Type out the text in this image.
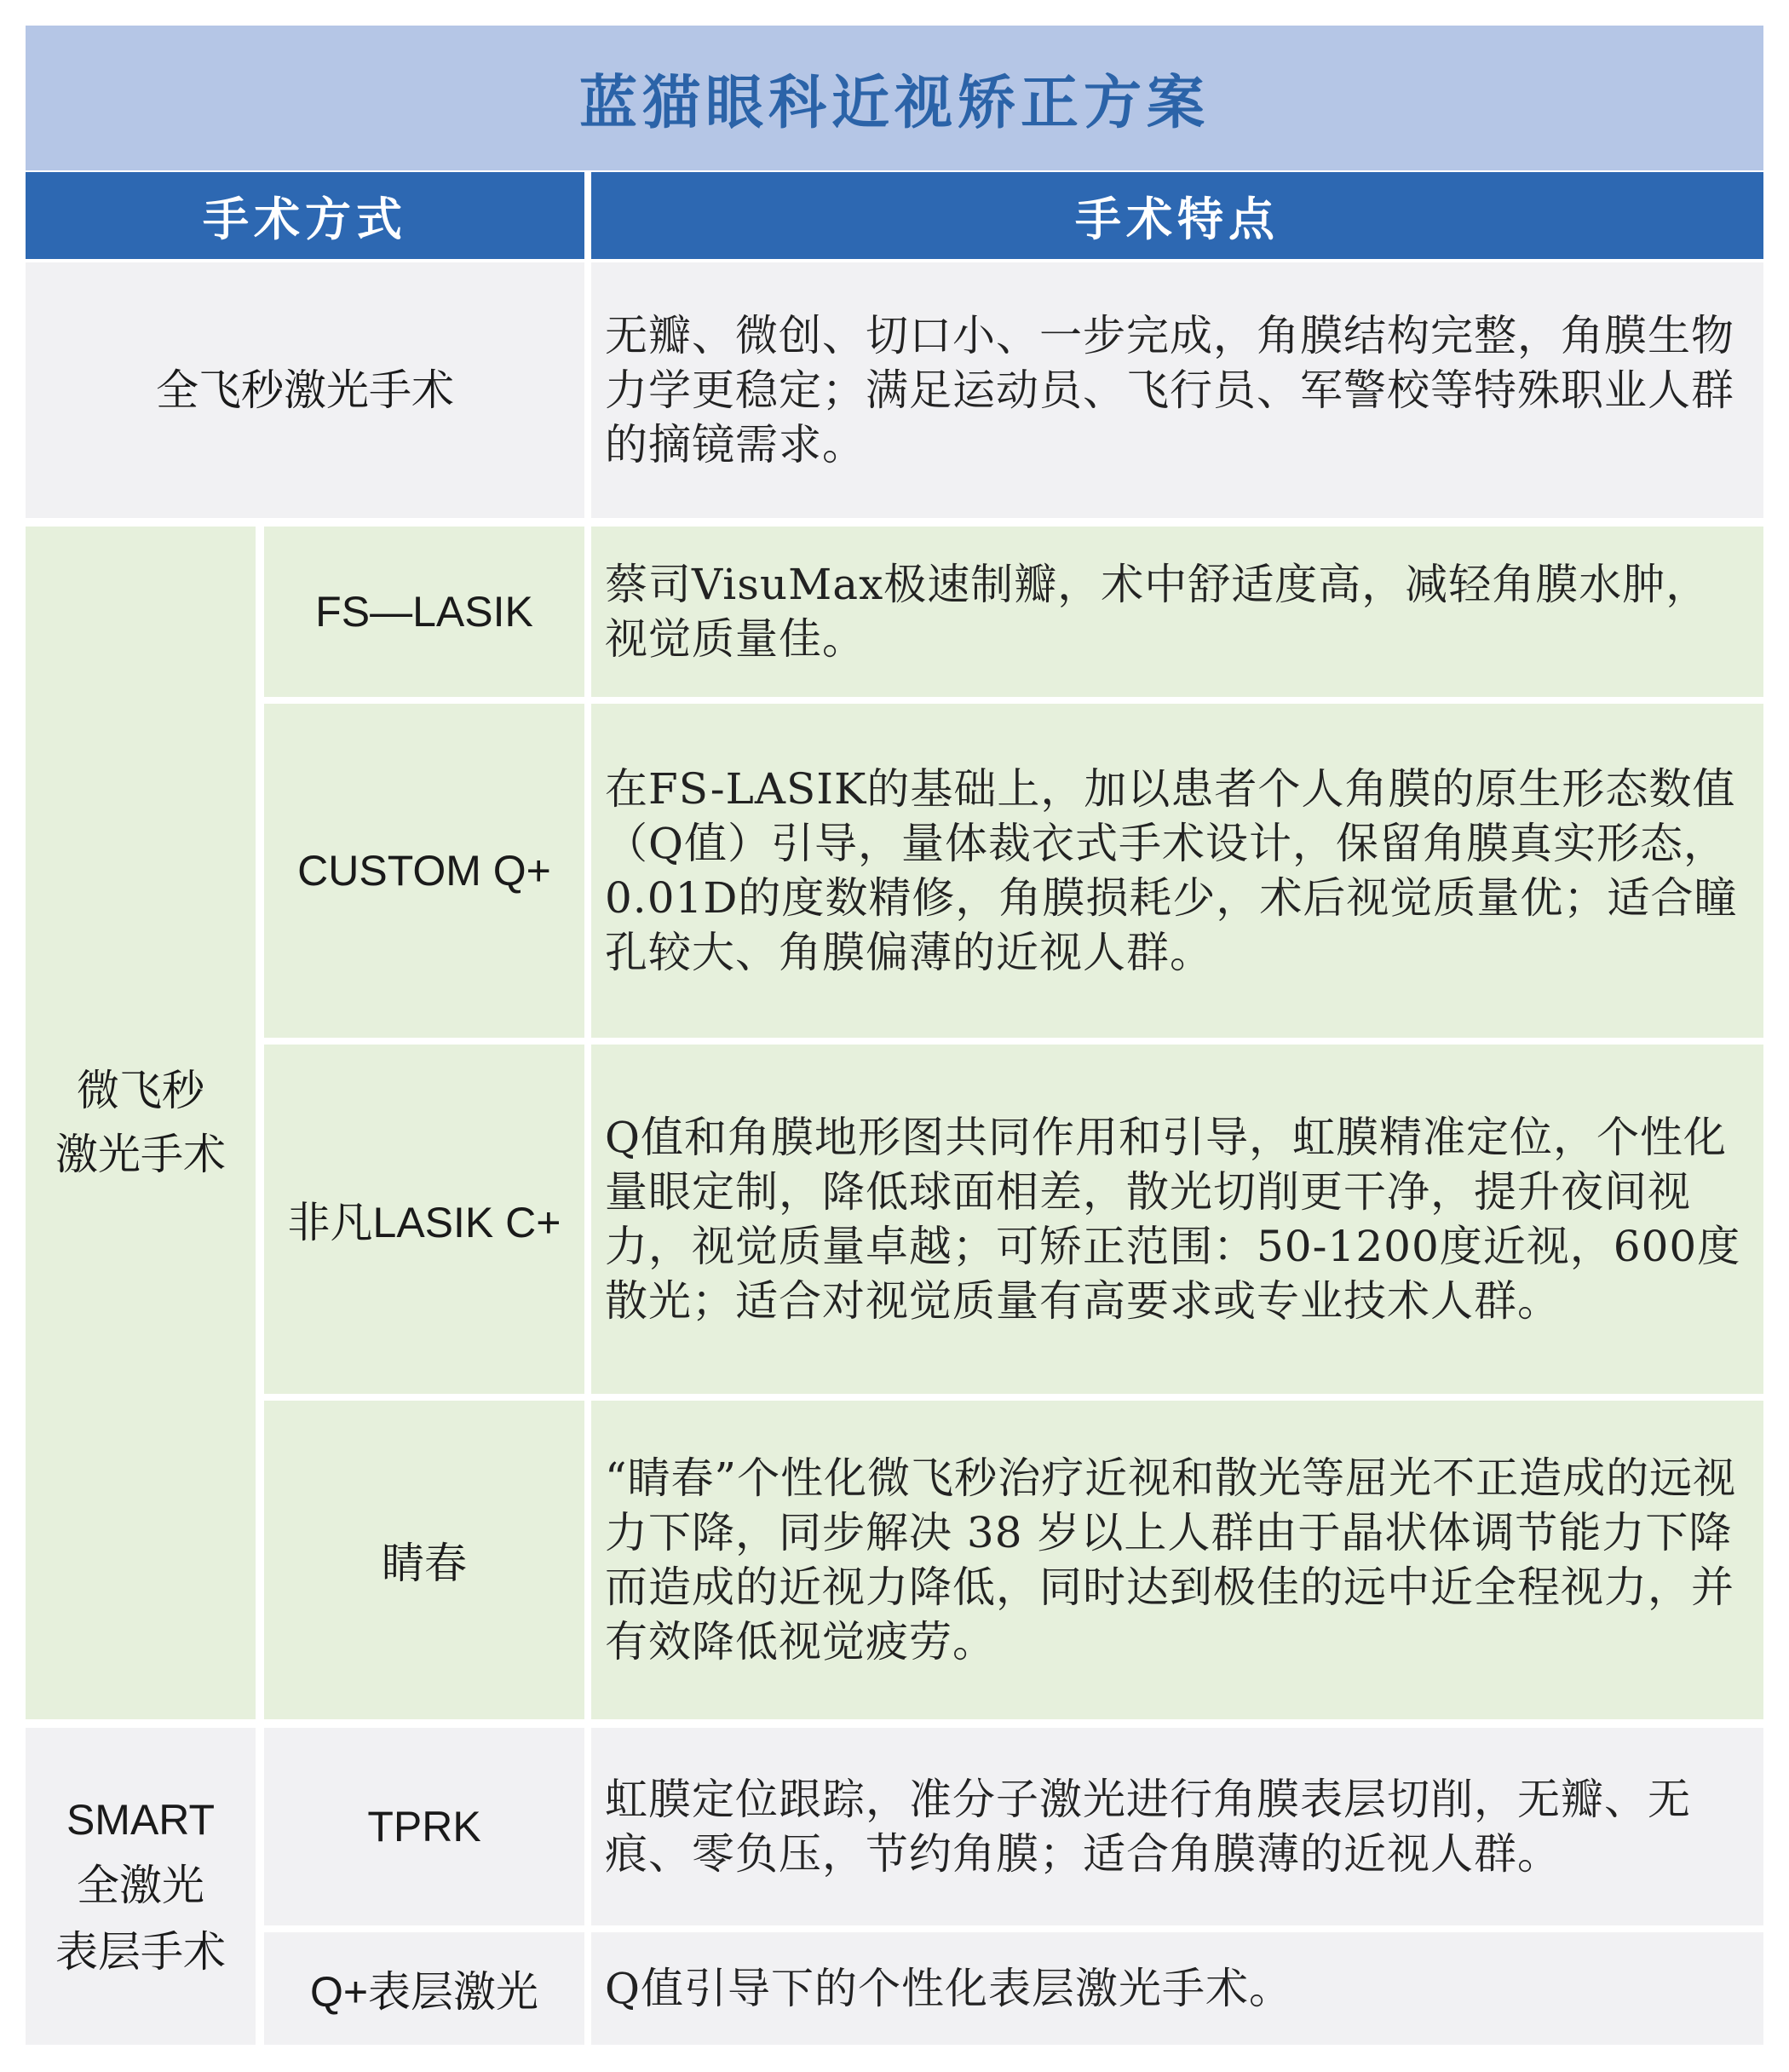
蓝猫眼科近视矫正方案
手术方式	手术特点
全飞秒激光手术
无瓣、微创、切口小、一步完成，角膜结构完整，角膜生物力学更稳定；满足运动员、飞行员、军警校等特殊职业人群的摘镜需求。
微飞秒
激光手术
FS—LASIK
蔡司VisuMax极速制瓣，术中舒适度高，减轻角膜水肿，视觉质量佳。
CUSTOM Q+
在FS-LASIK的基础上，加以患者个人角膜的原生形态数值（Q值）引导，量体裁衣式手术设计，保留角膜真实形态，0.01D的度数精修，角膜损耗少，术后视觉质量优；适合瞳孔较大、角膜偏薄的近视人群。
非凡LASIK C+
Q值和角膜地形图共同作用和引导，虹膜精准定位，个性化量眼定制，降低球面相差，散光切削更干净，提升夜间视力，视觉质量卓越；可矫正范围：50-1200度近视，600度散光；适合对视觉质量有高要求或专业技术人群。
睛春
“睛春”个性化微飞秒治疗近视和散光等屈光不正造成的远视力下降，同步解决 38 岁以上人群由于晶状体调节能力下降而造成的近视力降低，同时达到极佳的远中近全程视力，并有效降低视觉疲劳。
SMART
全激光
表层手术
TPRK
虹膜定位跟踪，准分子激光进行角膜表层切削，无瓣、无痕、零负压，节约角膜；适合角膜薄的近视人群。
Q+表层激光	Q值引导下的个性化表层激光手术。
